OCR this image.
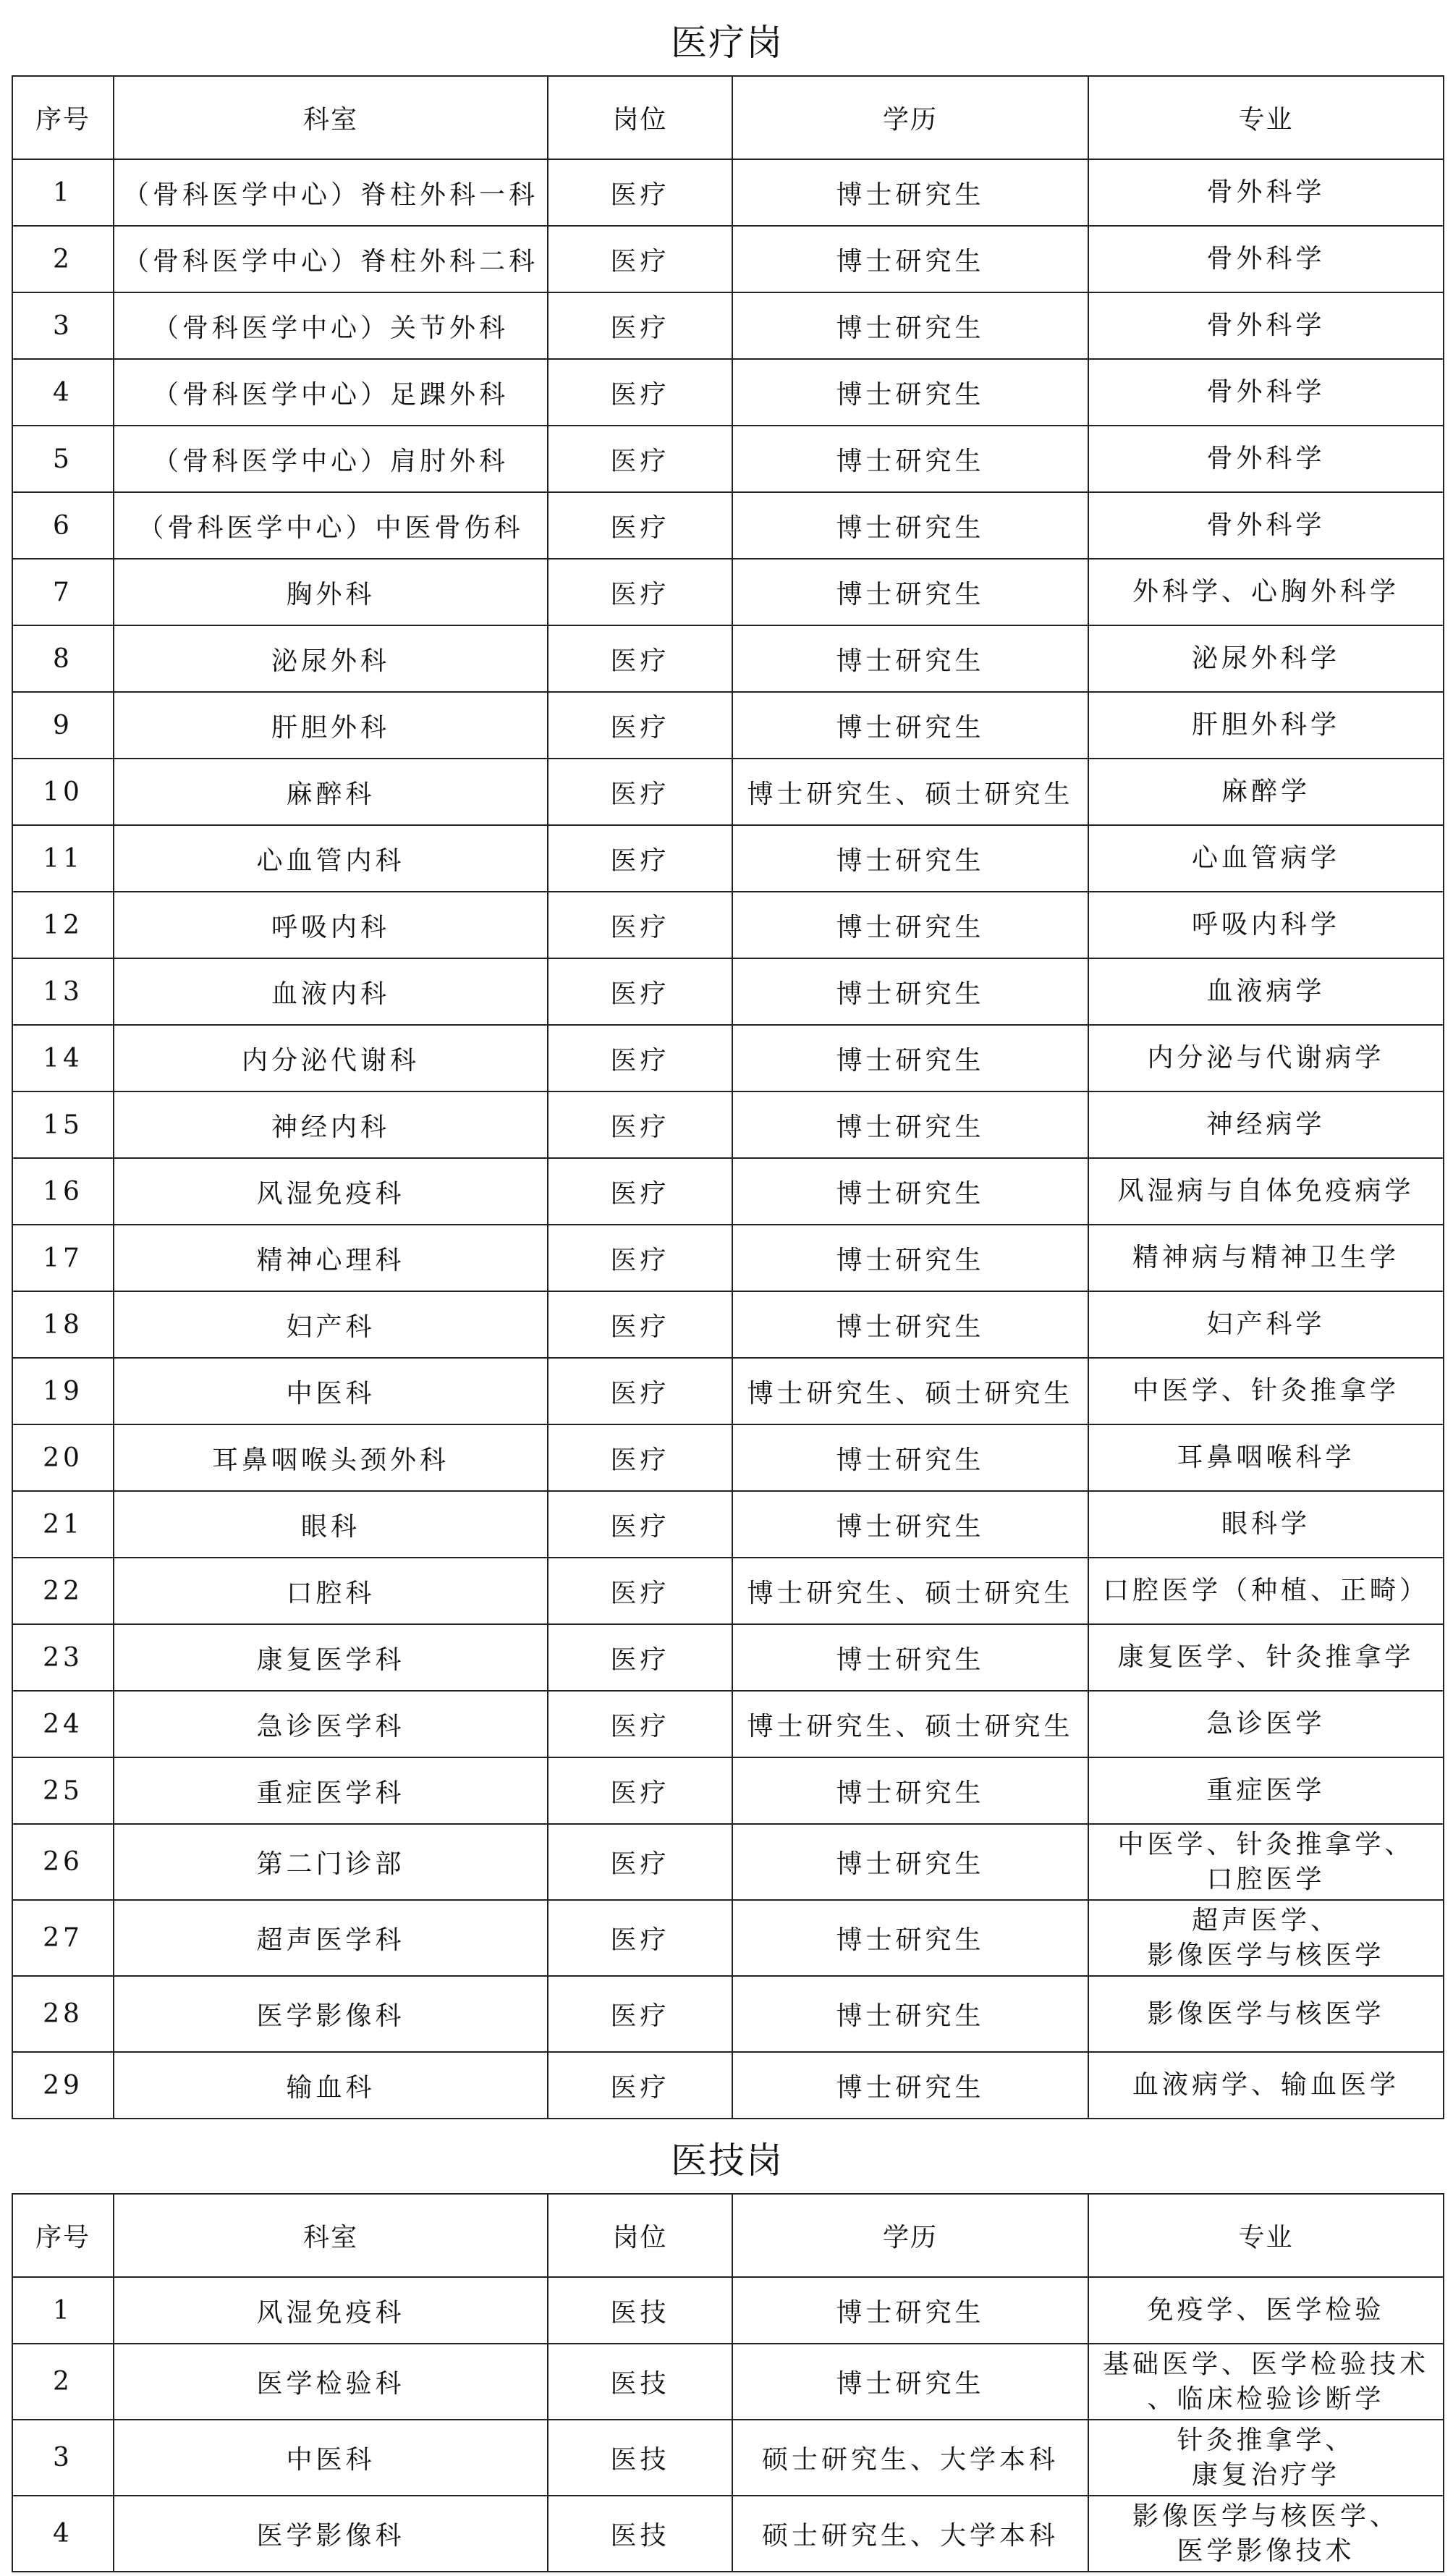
医疗岗
序号	科室	岗位	学历	专业
1	（骨科医学中心）脊柱外科一科	医疗	博士研究生	骨外科学
2	（骨科医学中心）脊柱外科二科	医疗	博士研究生	骨外科学
3	（骨科医学中心）关节外科	医疗	博士研究生	骨外科学
4	（骨科医学中心）足踝外科	医疗	博士研究生	骨外科学
5	（骨科医学中心）肩肘外科	医疗	博士研究生	骨外科学
6	（骨科医学中心）中医骨伤科	医疗	博士研究生	骨外科学
7	胸外科	医疗	博士研究生	外科学、心胸外科学
8	泌尿外科	医疗	博士研究生	泌尿外科学
9	肝胆外科	医疗	博士研究生	肝胆外科学
10	麻醉科	医疗	博士研究生、硕士研究生	麻醉学
11	心血管内科	医疗	博士研究生	心血管病学
12	呼吸内科	医疗	博士研究生	呼吸内科学
13	血液内科	医疗	博士研究生	血液病学
14	内分泌代谢科	医疗	博士研究生	内分泌与代谢病学
15	神经内科	医疗	博士研究生	神经病学
16	风湿免疫科	医疗	博士研究生	风湿病与自体免疫病学
17	精神心理科	医疗	博士研究生	精神病与精神卫生学
18	妇产科	医疗	博士研究生	妇产科学
19	中医科	医疗	博士研究生、硕士研究生	中医学、针灸推拿学
20	耳鼻咽喉头颈外科	医疗	博士研究生	耳鼻咽喉科学
21	眼科	医疗	博士研究生	眼科学
22	口腔科	医疗	博士研究生、硕士研究生	口腔医学（种植、正畸）
23	康复医学科	医疗	博士研究生	康复医学、针灸推拿学
24	急诊医学科	医疗	博士研究生、硕士研究生	急诊医学
25	重症医学科	医疗	博士研究生	重症医学
26	第二门诊部	医疗	博士研究生	中医学、针灸推拿学、
口腔医学
27	超声医学科	医疗	博士研究生	超声医学、
影像医学与核医学
28	医学影像科	医疗	博士研究生	影像医学与核医学
29	输血科	医疗	博士研究生	血液病学、输血医学
医技岗
序号	科室	岗位	学历	专业
1	风湿免疫科	医技	博士研究生	免疫学、医学检验
2	医学检验科	医技	博士研究生	基础医学、医学检验技术
、临床检验诊断学
3	中医科	医技	硕士研究生、大学本科	针灸推拿学、
康复治疗学
4	医学影像科	医技	硕士研究生、大学本科	影像医学与核医学、
医学影像技术
